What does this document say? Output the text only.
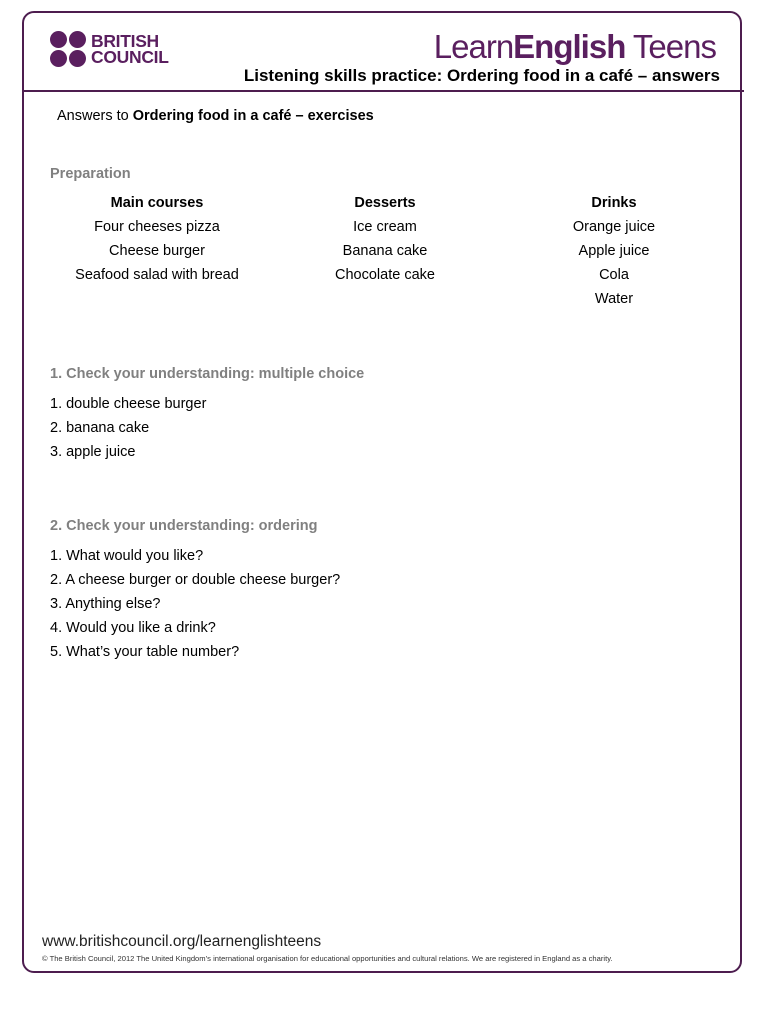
BRITISH
COUNCIL	LearnEnglish Teens
Listening skills practice: Ordering food in a café – answers
Answers to Ordering food in a café – exercises
Preparation
Main courses
Four cheeses pizza
Cheese burger
Seafood salad with bread
Desserts
Ice cream
Banana cake
Chocolate cake
Drinks
Orange juice
Apple juice
Cola
Water
1. Check your understanding: multiple choice
1. double cheese burger
2. banana cake
3. apple juice
2. Check your understanding: ordering
1. What would you like?
2. A cheese burger or double cheese burger?
3. Anything else?
4. Would you like a drink?
5. What’s your table number?
www.britishcouncil.org/learnenglishteens
© The British Council, 2012 The United Kingdom’s international organisation for educational opportunities and cultural relations. We are registered in England as a charity.
